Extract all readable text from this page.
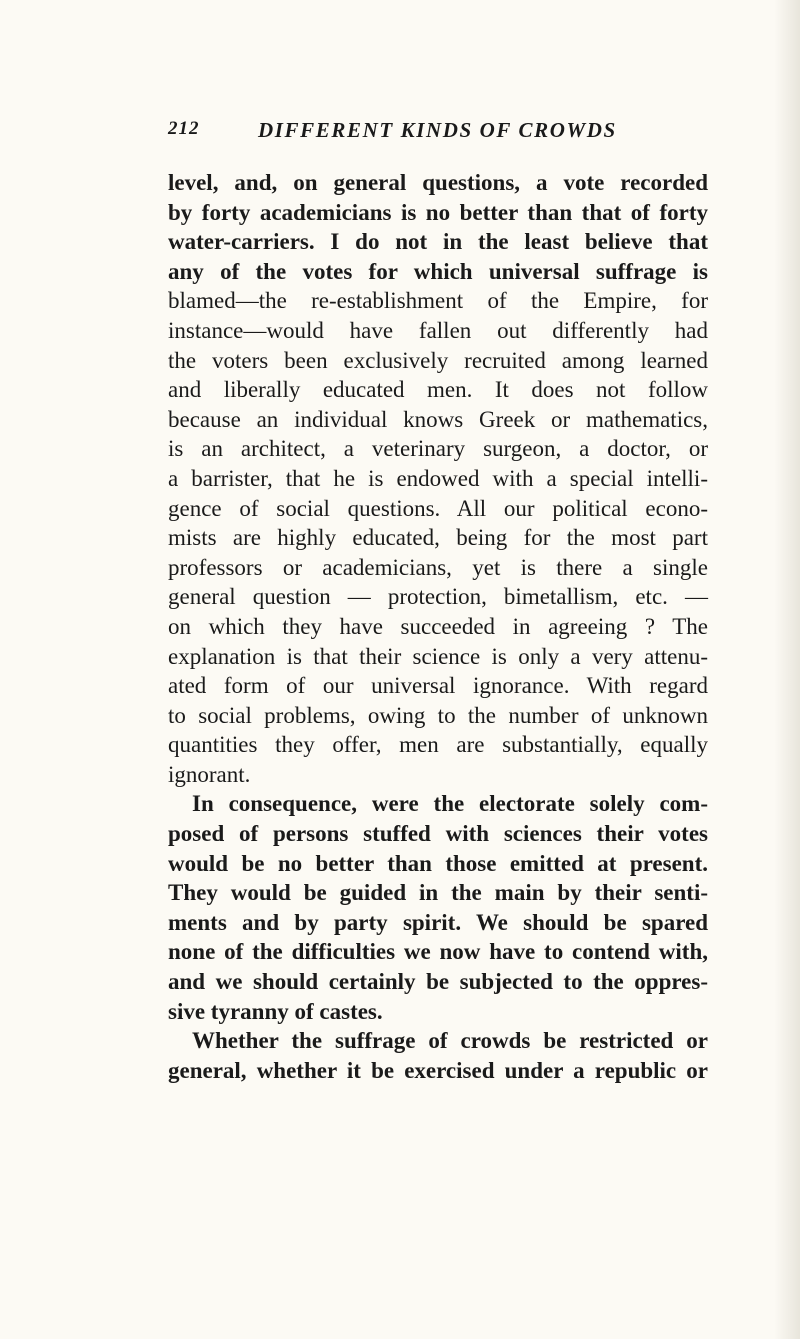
212	DIFFERENT KINDS OF CROWDS
level, and, on general questions, a vote recorded
by forty academicians is no better than that of forty
water-carriers. I do not in the least believe that
any of the votes for which universal suffrage is
blamed—the re-establishment of the Empire, for
instance—would have fallen out differently had
the voters been exclusively recruited among learned
and liberally educated men. It does not follow
because an individual knows Greek or mathematics,
is an architect, a veterinary surgeon, a doctor, or
a barrister, that he is endowed with a special intelli-
gence of social questions. All our political econo-
mists are highly educated, being for the most part
professors or academicians, yet is there a single
general question — protection, bimetallism, etc. —
on which they have succeeded in agreeing ? The
explanation is that their science is only a very attenu-
ated form of our universal ignorance. With regard
to social problems, owing to the number of unknown
quantities they offer, men are substantially, equally
ignorant.
In consequence, were the electorate solely com-
posed of persons stuffed with sciences their votes
would be no better than those emitted at present.
They would be guided in the main by their senti-
ments and by party spirit. We should be spared
none of the difficulties we now have to contend with,
and we should certainly be subjected to the oppres-
sive tyranny of castes.
Whether the suffrage of crowds be restricted or
general, whether it be exercised under a republic or
